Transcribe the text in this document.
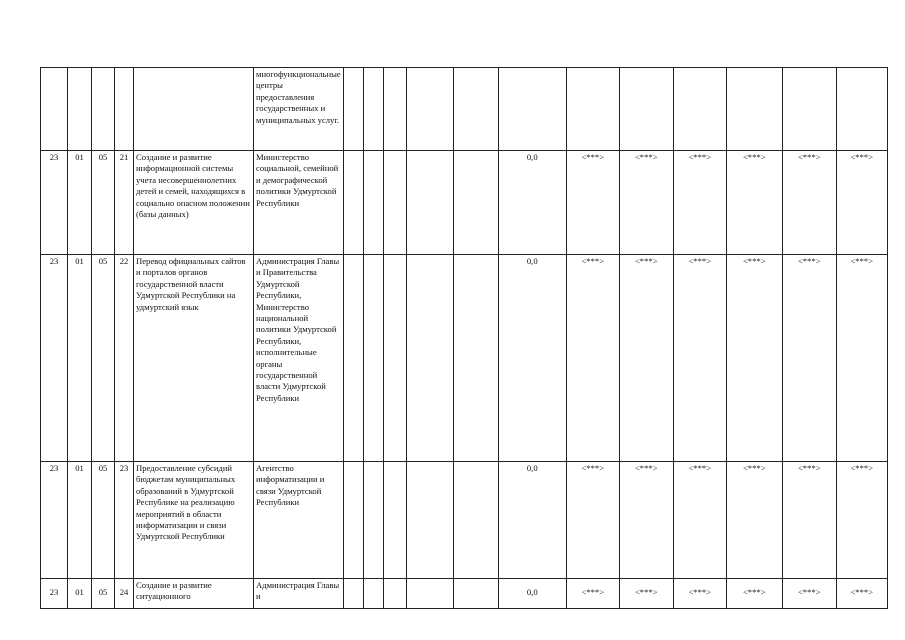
					многофункциональные центры предоставления государственных и муниципальных услуг.												

23	01	05	21	Создание и развитие информационной системы учета несовершеннолетних детей и семей, находящихся в социально опасном положении (базы данных)	Министерство социальной, семейной и демографической политики Удмуртской Республики						0,0	<***>	<***>	<***>	<***>	<***>	<***>
23	01	05	22	Перевод официальных сайтов и порталов органов государственной власти Удмуртской Республики на удмуртский язык	Администрация Главы и Правительства Удмуртской Республики, Министерство национальной политики Удмуртской Республики, исполнительные органы государственной власти Удмуртской Республики						0,0	<***>	<***>	<***>	<***>	<***>	<***>
23	01	05	23	Предоставление субсидий бюджетам муниципальных образований в Удмуртской Республике на реализацию мероприятий в области информатизации и связи Удмуртской Республики	Агентство информатизации и связи Удмуртской Республики						0,0	<***>	<***>	<***>	<***>	<***>	<***>
23	01	05	24	Создание и развитие ситуационного	Администрация Главы и						0,0	<***>	<***>	<***>	<***>	<***>	<***>
